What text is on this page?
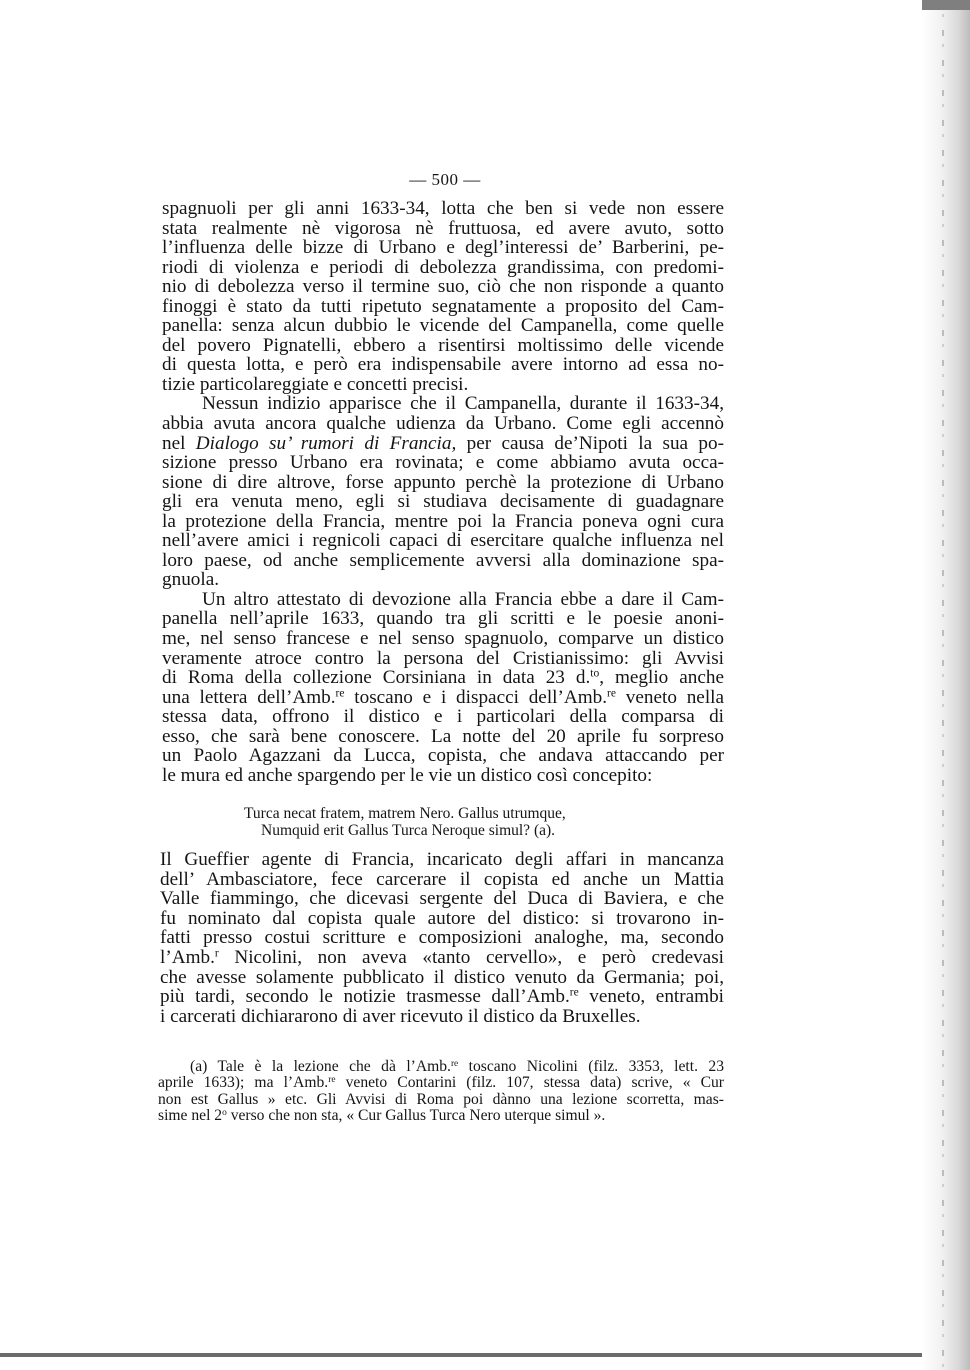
— 500 —

spagnuoli per gli anni 1633-34, lotta che ben si vede non essere
stata realmente nè vigorosa nè fruttuosa, ed avere avuto, sotto
l’influenza delle bizze di Urbano e degl’interessi de’ Barberini, pe-
riodi di violenza e periodi di debolezza grandissima, con predomi-
nio di debolezza verso il termine suo, ciò che non risponde a quanto
finoggi è stato da tutti ripetuto segnatamente a proposito del Cam-
panella: senza alcun dubbio le vicende del Campanella, come quelle
del povero Pignatelli, ebbero a risentirsi moltissimo delle vicende
di questa lotta, e però era indispensabile avere intorno ad essa no-
tizie particolareggiate e concetti precisi.

Nessun indizio apparisce che il Campanella, durante il 1633-34,
abbia avuta ancora qualche udienza da Urbano. Come egli accennò
nel Dialogo su’ rumori di Francia, per causa de’Nipoti la sua po-
sizione presso Urbano era rovinata; e come abbiamo avuta occa-
sione di dire altrove, forse appunto perchè la protezione di Urbano
gli era venuta meno, egli si studiava decisamente di guadagnare
la protezione della Francia, mentre poi la Francia poneva ogni cura
nell’avere amici i regnicoli capaci di esercitare qualche influenza nel
loro paese, od anche semplicemente avversi alla dominazione spa-
gnuola.

Un altro attestato di devozione alla Francia ebbe a dare il Cam-
panella nell’aprile 1633, quando tra gli scritti e le poesie anoni-
me, nel senso francese e nel senso spagnuolo, comparve un distico
veramente atroce contro la persona del Cristianissimo: gli Avvisi
di Roma della collezione Corsiniana in data 23 d.$^{to}$, meglio anche
una lettera dell’Amb.$^{re}$ toscano e i dispacci dell’Amb.$^{re}$ veneto nella
stessa data, offrono il distico e i particolari della comparsa di
esso, che sarà bene conoscere. La notte del 20 aprile fu sorpreso
un Paolo Agazzani da Lucca, copista, che andava attaccando per
le mura ed anche spargendo per le vie un distico così concepito:

Turca necat fratem, matrem Nero. Gallus utrumque,
Numquid erit Gallus Turca Neroque simul? (a).

Il Gueffier agente di Francia, incaricato degli affari in mancanza
dell’ Ambasciatore, fece carcerare il copista ed anche un Mattia
Valle fiammingo, che dicevasi sergente del Duca di Baviera, e che
fu nominato dal copista quale autore del distico: si trovarono in-
fatti presso costui scritture e composizioni analoghe, ma, secondo
l’Amb.$^r$ Nicolini, non aveva «tanto cervello», e però credevasi
che avesse solamente pubblicato il distico venuto da Germania; poi,
più tardi, secondo le notizie trasmesse dall’Amb.$^{re}$ veneto, entrambi
i carcerati dichiararono di aver ricevuto il distico da Bruxelles.

(a) Tale è la lezione che dà l’Amb.$^{re}$ toscano Nicolini (filz. 3353, lett. 23
aprile 1633); ma l’Amb.$^{re}$ veneto Contarini (filz. 107, stessa data) scrive, « Cur
non est Gallus » etc. Gli Avvisi di Roma poi dànno una lezione scorretta, mas-
sime nel 2$^o$ verso che non sta, « Cur Gallus Turca Nero uterque simul ».
